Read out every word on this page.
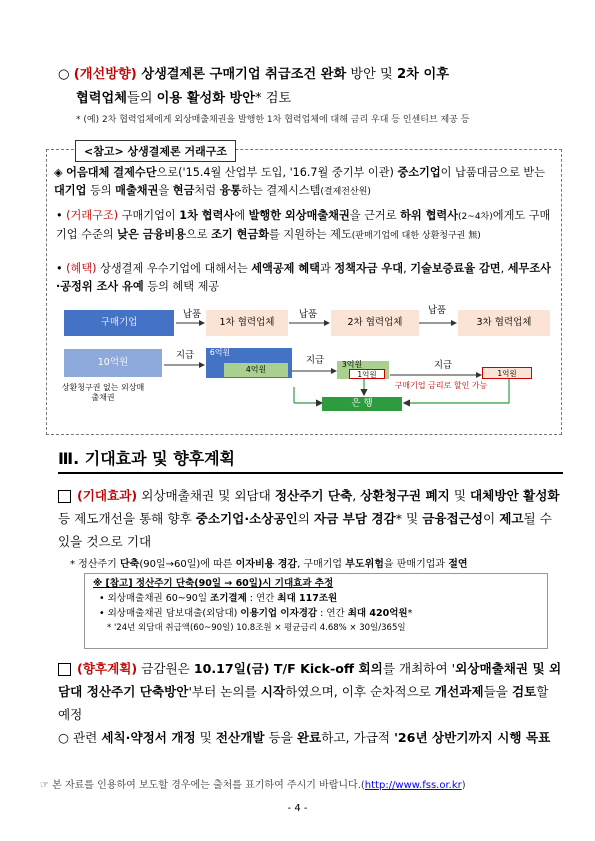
○ (개선방향) 상생결제론 구매기업 취급조건 완화 방안 및 2차 이후
협력업체들의 이용 활성화 방안* 검토
* (예) 2차 협력업체에게 외상매출채권을 발행한 1차 협력업체에 대해 금리 우대 등 인센티브 제공 등
<참고> 상생결제론 거래구조
◈ 어음대체 결제수단으로('15.4월 산업부 도입, '16.7월 중기부 이관) 중소기업이 납품대금으로 받는 대기업 등의 매출채권을 현금처럼 융통하는 결제시스템(결제전산원)
• (거래구조) 구매기업이 1차 협력사에 발행한 외상매출채권을 근거로 하위 협력사(2~4차)에게도 구매기업 수준의 낮은 금융비용으로 조기 현금화를 지원하는 제도(판매기업에 대한 상환청구권 無)
• (혜택) 상생결제 우수기업에 대해서는 세액공제 혜택과 정책자금 우대, 기술보증료율 감면, 세무조사·공정위 조사 유예 등의 혜택 제공
구매기업
납품
1차 협력업체
납품
2차 협력업체
납품
3차 협력업체
10억원
지급	6억원
4억원
지급	3억원
1억원
지급
1억원
상환청구권 없는 외상매출채권
구매기업 금리로 할인 가능
은 행
Ⅲ. 기대효과 및 향후계획
(기대효과) 외상매출채권 및 외담대 정산주기 단축, 상환청구권 폐지 및 대체방안 활성화 등 제도개선을 통해 향후 중소기업·소상공인의 자금 부담 경감* 및 금융접근성이 제고될 수 있을 것으로 기대
* 정산주기 단축(90일→60일)에 따른 이자비용 경감, 구매기업 부도위험을 판매기업과 절연
※ [참고] 정산주기 단축(90일 → 60일)시 기대효과 추정
• 외상매출채권 60~90일 조기결제 : 연간 최대 117조원
• 외상매출채권 담보대출(외담대) 이용기업 이자경감 : 연간 최대 420억원*
* '24년 외담대 취급액(60~90일) 10.8조원 × 평균금리 4.68% × 30일/365일
(향후계획) 금감원은 10.17일(금) T/F Kick-off 회의를 개최하여 '외상매출채권 및 외담대 정산주기 단축방안'부터 논의를 시작하였으며, 이후 순차적으로 개선과제들을 검토할 예정
○ 관련 세칙·약정서 개정 및 전산개발 등을 완료하고, 가급적 '26년 상반기까지 시행 목표
☞ 본 자료를 인용하여 보도할 경우에는 출처를 표기하여 주시기 바랍니다.(http://www.fss.or.kr)
- 4 -
